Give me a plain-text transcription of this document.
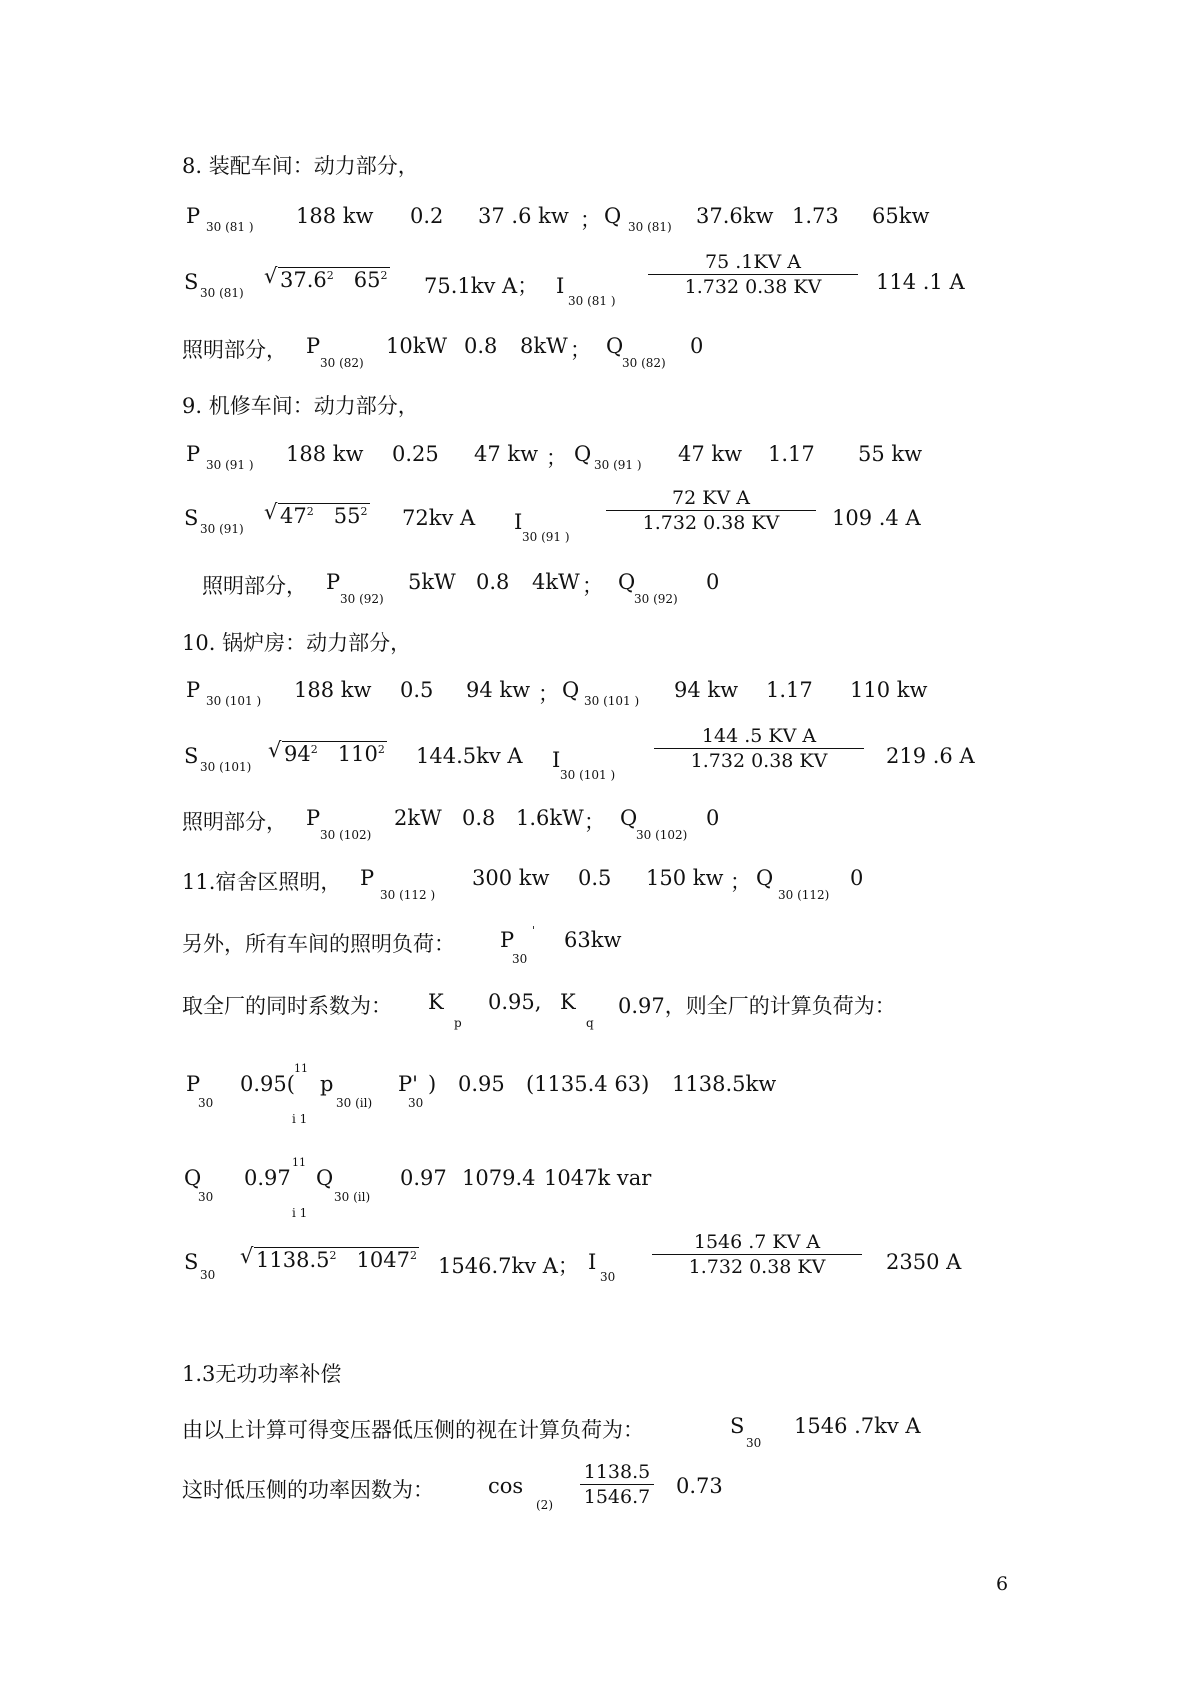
8. 装配车间：动力部分，
P 30 (81 ) 188 kw 0.2 37 .6 kw ； Q 30 (81) 37.6kw 1.73 65kw
S 30 (81)
√ 37.6$^2$ $65^2$ 75.1kv A； I
30 (81 )
$\frac{\text{75 .1KV A}}{1.732 0.38 KV} 114$ .1 A
照明部分， P
30 (82)
10kW 0.8 8kW ； Q
30 (82)
0
9. 机修车间：动力部分，
P 30 (91 ) 188 kw 0.25 47 kw ； Q 30 (91 ) 47 kw 1.17 55 kw
S 30 (91)
√ $47^2$ $55^2$ 72kv A I
30 (91 )
$\frac{\text{72 KV A}}{1.732 0.38 KV} 109$ .4 A
照明部分， P
30 (92)
5kW 0.8 4kW ； Q
30 (92)
0
10. 锅炉房：动力部分，
P 30 (101 ) 188 kw 0.5 94 kw ； Q 30 (101 ) 94 kw 1.17 110 kw
S 30 (101)
√ $94^2$ $110^2$ 144.5kv A I
30 (101 )
$\frac{\text{144 .5 KV A}}{1.732 0.38 KV} 219$ .6 A
照明部分， P
30 (102)
2kW 0.8 1.6kW ； Q
30 (102)
0
11.宿舍区照明， P
30 (112 )
300 kw 0.5 150 kw ； Q
30 (112)
0
另外，所有车间的照明负荷： P '
30
63kw
取全厂的同时系数为： K
p
0.95, K
q
0.97，则全厂的计算负荷为：
P
30
0.95(
11
i 1
p
30 (il)
P'
30
) 0.95 (1135.4 63) 1138.5kw
Q
30
0.97
11
i 1
Q
30 (il)
0.97 1079.4 1047k var
S
30
√ 1138.5$^2$ 1047$^2$ 1546.7kv A； I
$30 \frac{\text{1546 .7 KV A}}{1.732 0.38 KV} 2350$ A
1.3无功功率补偿
由以上计算可得变压器低压侧的视在计算负荷为：	S
30
1546 .7kv A
这时低压侧的功率因数为：	cos
$(2) \frac{1138.5}{1546.7} 0.73$
6
